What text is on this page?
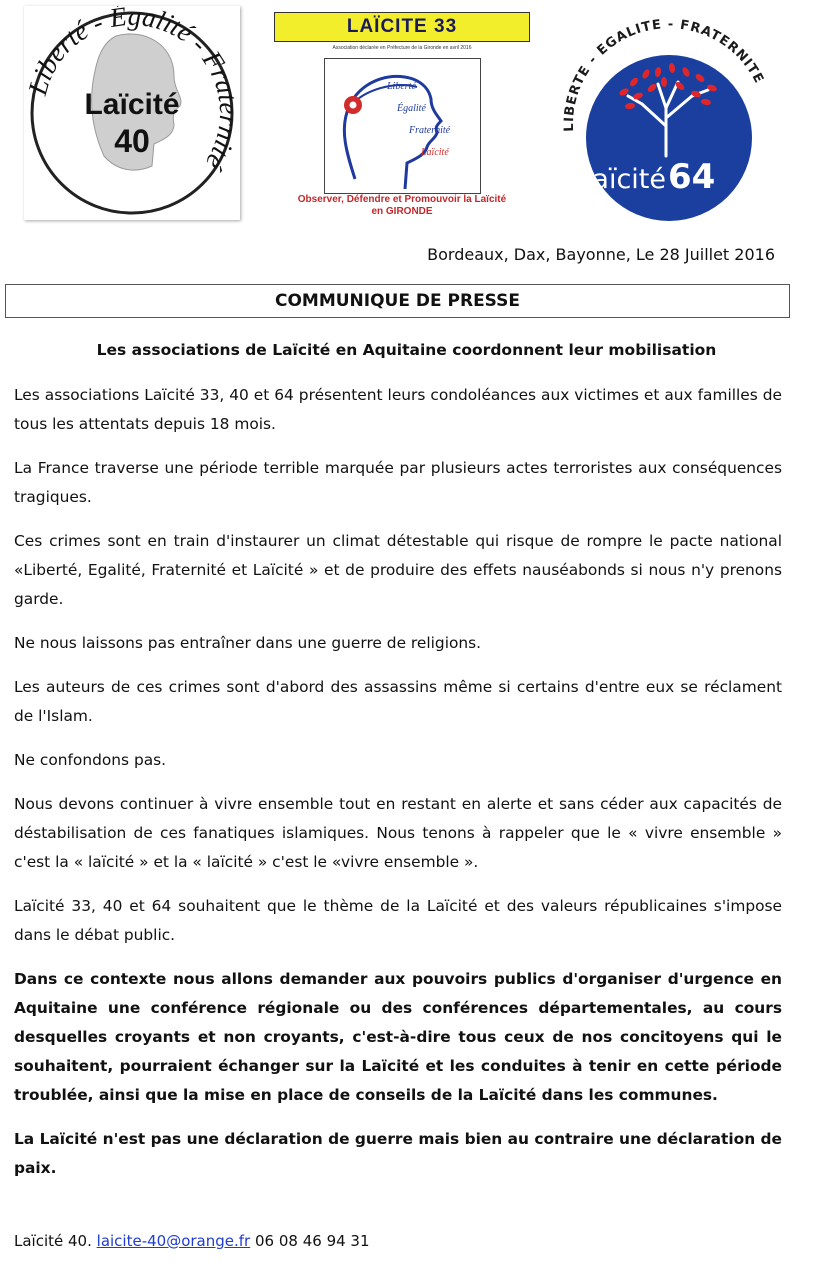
Liberté - Égalité - Fra nité
Laïcité
40
LAÏCITE 33
Association déclarée en Préfecture de la Gironde en avril 2016
Liberté
Égalité
Fraternité
Laïcité
Observer, Défendre et Promouvoir la Laïcité
en GIRONDE
LIBERTE - EGALITE - FRATERNITE
laïcité 64
Bordeaux, Dax, Bayonne, Le 28 Juillet 2016
COMMUNIQUE DE PRESSE
Les associations de Laïcité en Aquitaine coordonnent leur mobilisation

Les associations Laïcité 33, 40 et 64 présentent leurs condoléances aux victimes et aux familles de tous les attentats depuis 18 mois.

La France traverse une période terrible marquée par plusieurs actes terroristes aux conséquences tragiques.

Ces crimes sont en train d'instaurer un climat détestable qui risque de rompre le pacte national «Liberté, Egalité, Fraternité et Laïcité » et de produire des effets nauséabonds si nous n'y prenons garde.

Ne nous laissons pas entraîner dans une guerre de religions.

Les auteurs de ces crimes sont d'abord des assassins même si certains d'entre eux se réclament de l'Islam.

Ne confondons pas.

Nous devons continuer à vivre ensemble tout en restant en alerte et sans céder aux capacités de déstabilisation de ces fanatiques islamiques. Nous tenons à rappeler que le « vivre ensemble » c'est la « laïcité » et la « laïcité » c'est le «vivre ensemble ».

Laïcité 33, 40 et 64 souhaitent que le thème de la Laïcité et des valeurs républicaines s'impose dans le débat public.

Dans ce contexte nous allons demander aux pouvoirs publics d'organiser d'urgence en Aquitaine une conférence régionale ou des conférences départementales, au cours desquelles croyants et non croyants, c'est-à-dire tous ceux de nos concitoyens qui le souhaitent, pourraient échanger sur la Laïcité et les conduites à tenir en cette période troublée, ainsi que la mise en place de conseils de la Laïcité dans les communes.

La Laïcité n'est pas une déclaration de guerre mais bien au contraire une déclaration de paix.

Laïcité 40. laicite-40@orange.fr 06 08 46 94 31
